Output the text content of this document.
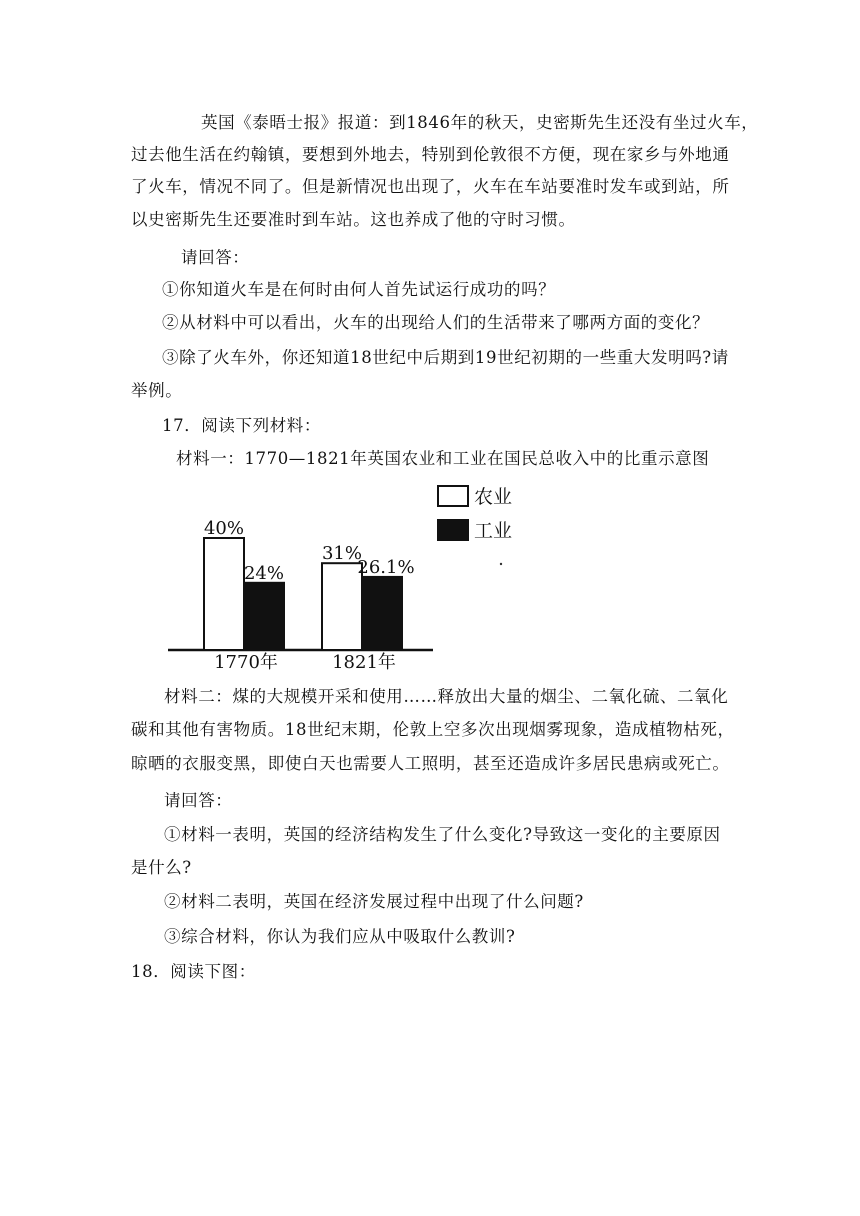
英国《泰晤士报》报道：到1846年的秋天，史密斯先生还没有坐过火车，
过去他生活在约翰镇，要想到外地去，特别到伦敦很不方便，现在家乡与外地通
了火车，情况不同了。但是新情况也出现了，火车在车站要准时发车或到站，所
以史密斯先生还要准时到车站。这也养成了他的守时习惯。
请回答：
①你知道火车是在何时由何人首先试运行成功的吗？
②从材料中可以看出，火车的出现给人们的生活带来了哪两方面的变化？
③除了火车外，你还知道18世纪中后期到19世纪初期的一些重大发明吗?请
举例。
17．阅读下列材料：
材料一：1770—1821年英国农业和工业在国民总收入中的比重示意图
40%
24%
1770年
31%
26.1%
1821年
农业
工业
材料二：煤的大规模开采和使用……释放出大量的烟尘、二氧化硫、二氧化
碳和其他有害物质。18世纪末期，伦敦上空多次出现烟雾现象，造成植物枯死，
晾晒的衣服变黑，即使白天也需要人工照明，甚至还造成许多居民患病或死亡。
请回答：
①材料一表明，英国的经济结构发生了什么变化?导致这一变化的主要原因
是什么?
②材料二表明，英国在经济发展过程中出现了什么问题?
③综合材料，你认为我们应从中吸取什么教训?
18．阅读下图：
